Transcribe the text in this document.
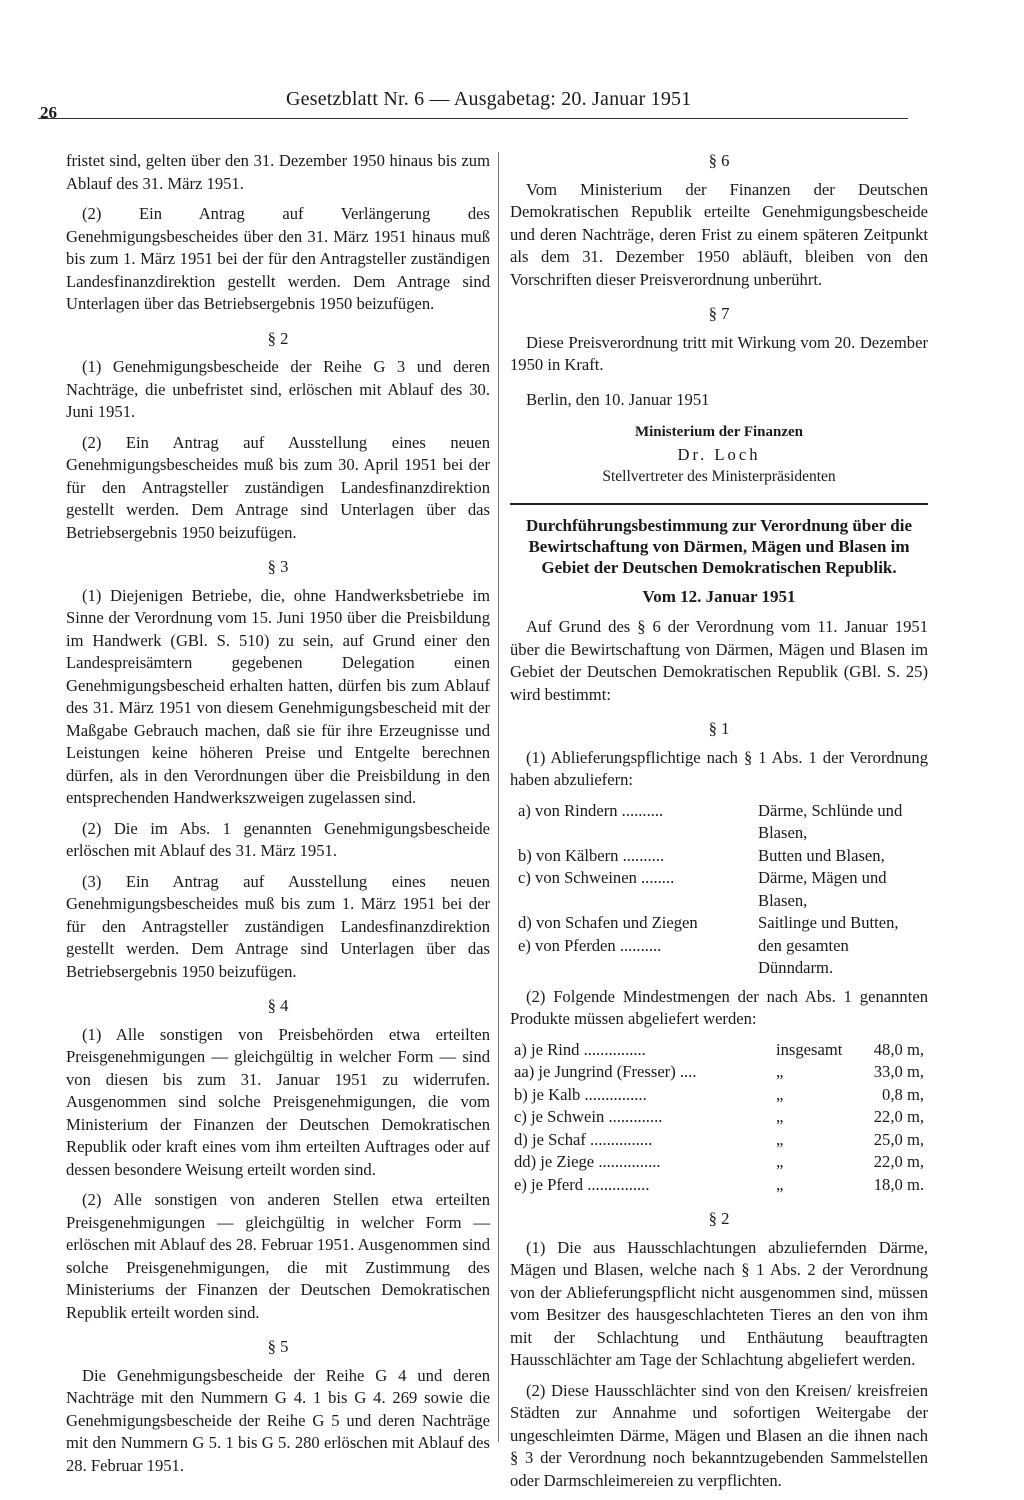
26
Gesetzblatt Nr. 6 — Ausgabetag: 20. Januar 1951

fristet sind, gelten über den 31. Dezember 1950 hinaus bis zum Ablauf des 31. März 1951.

(2) Ein Antrag auf Verlängerung des Genehmigungsbescheides über den 31. März 1951 hinaus muß bis zum 1. März 1951 bei der für den Antragsteller zuständigen Landesfinanzdirektion gestellt werden. Dem Antrage sind Unterlagen über das Betriebsergebnis 1950 beizufügen.

§ 2

(1) Genehmigungsbescheide der Reihe G 3 und deren Nachträge, die unbefristet sind, erlöschen mit Ablauf des 30. Juni 1951.

(2) Ein Antrag auf Ausstellung eines neuen Genehmigungsbescheides muß bis zum 30. April 1951 bei der für den Antragsteller zuständigen Landesfinanzdirektion gestellt werden. Dem Antrage sind Unterlagen über das Betriebsergebnis 1950 beizufügen.

§ 3

(1) Diejenigen Betriebe, die, ohne Handwerksbetriebe im Sinne der Verordnung vom 15. Juni 1950 über die Preisbildung im Handwerk (GBl. S. 510) zu sein, auf Grund einer den Landespreisämtern gegebenen Delegation einen Genehmigungsbescheid erhalten hatten, dürfen bis zum Ablauf des 31. März 1951 von diesem Genehmigungsbescheid mit der Maßgabe Gebrauch machen, daß sie für ihre Erzeugnisse und Leistungen keine höheren Preise und Entgelte berechnen dürfen, als in den Verordnungen über die Preisbildung in den entsprechenden Handwerkszweigen zugelassen sind.

(2) Die im Abs. 1 genannten Genehmigungsbescheide erlöschen mit Ablauf des 31. März 1951.

(3) Ein Antrag auf Ausstellung eines neuen Genehmigungsbescheides muß bis zum 1. März 1951 bei der für den Antragsteller zuständigen Landesfinanzdirektion gestellt werden. Dem Antrage sind Unterlagen über das Betriebsergebnis 1950 beizufügen.

§ 4

(1) Alle sonstigen von Preisbehörden etwa erteilten Preisgenehmigungen — gleichgültig in welcher Form — sind von diesen bis zum 31. Januar 1951 zu widerrufen. Ausgenommen sind solche Preisgenehmigungen, die vom Ministerium der Finanzen der Deutschen Demokratischen Republik oder kraft eines vom ihm erteilten Auftrages oder auf dessen besondere Weisung erteilt worden sind.

(2) Alle sonstigen von anderen Stellen etwa erteilten Preisgenehmigungen — gleichgültig in welcher Form — erlöschen mit Ablauf des 28. Februar 1951. Ausgenommen sind solche Preisgenehmigungen, die mit Zustimmung des Ministeriums der Finanzen der Deutschen Demokratischen Republik erteilt worden sind.

§ 5

Die Genehmigungsbescheide der Reihe G 4 und deren Nachträge mit den Nummern G 4. 1 bis G 4. 269 sowie die Genehmigungsbescheide der Reihe G 5 und deren Nachträge mit den Nummern G 5. 1 bis G 5. 280 erlöschen mit Ablauf des 28. Februar 1951.

§ 6

Vom Ministerium der Finanzen der Deutschen Demokratischen Republik erteilte Genehmigungsbescheide und deren Nachträge, deren Frist zu einem späteren Zeitpunkt als dem 31. Dezember 1950 abläuft, bleiben von den Vorschriften dieser Preisverordnung unberührt.

§ 7

Diese Preisverordnung tritt mit Wirkung vom 20. Dezember 1950 in Kraft.

Berlin, den 10. Januar 1951

Ministerium der Finanzen
Dr. Loch
Stellvertreter des Ministerpräsidenten
Durchführungsbestimmung zur Verordnung über die Bewirtschaftung von Därmen, Mägen und Blasen im Gebiet der Deutschen Demokratischen Republik.
Vom 12. Januar 1951

Auf Grund des § 6 der Verordnung vom 11. Januar 1951 über die Bewirtschaftung von Därmen, Mägen und Blasen im Gebiet der Deutschen Demokratischen Republik (GBl. S. 25) wird bestimmt:

§ 1

(1) Ablieferungspflichtige nach § 1 Abs. 1 der Verordnung haben abzuliefern:

a) von Rindern ..........	Därme, Schlünde und Blasen,
b) von Kälbern ..........	Butten und Blasen,
c) von Schweinen ........	Därme, Mägen und Blasen,
d) von Schafen und Ziegen	Saitlinge und Butten,
e) von Pferden ..........	den gesamten Dünndarm.

(2) Folgende Mindestmengen der nach Abs. 1 genannten Produkte müssen abgeliefert werden:

a) je Rind ...............	insgesamt	48,0 m,
aa) je Jungrind (Fresser) ....	„	33,0 m,
b) je Kalb ...............	„	0,8 m,
c) je Schwein .............	„	22,0 m,
d) je Schaf ...............	„	25,0 m,
dd) je Ziege ...............	„	22,0 m,
e) je Pferd ...............	„	18,0 m.
§ 2

(1) Die aus Hausschlachtungen abzuliefernden Därme, Mägen und Blasen, welche nach § 1 Abs. 2 der Verordnung von der Ablieferungspflicht nicht ausgenommen sind, müssen vom Besitzer des hausgeschlachteten Tieres an den von ihm mit der Schlachtung und Enthäutung beauftragten Hausschlächter am Tage der Schlachtung abgeliefert werden.

(2) Diese Hausschlächter sind von den Kreisen/ kreisfreien Städten zur Annahme und sofortigen Weitergabe der ungeschleimten Därme, Mägen und Blasen an die ihnen nach § 3 der Verordnung noch bekanntzugebenden Sammelstellen oder Darmschleimereien zu verpflichten.
